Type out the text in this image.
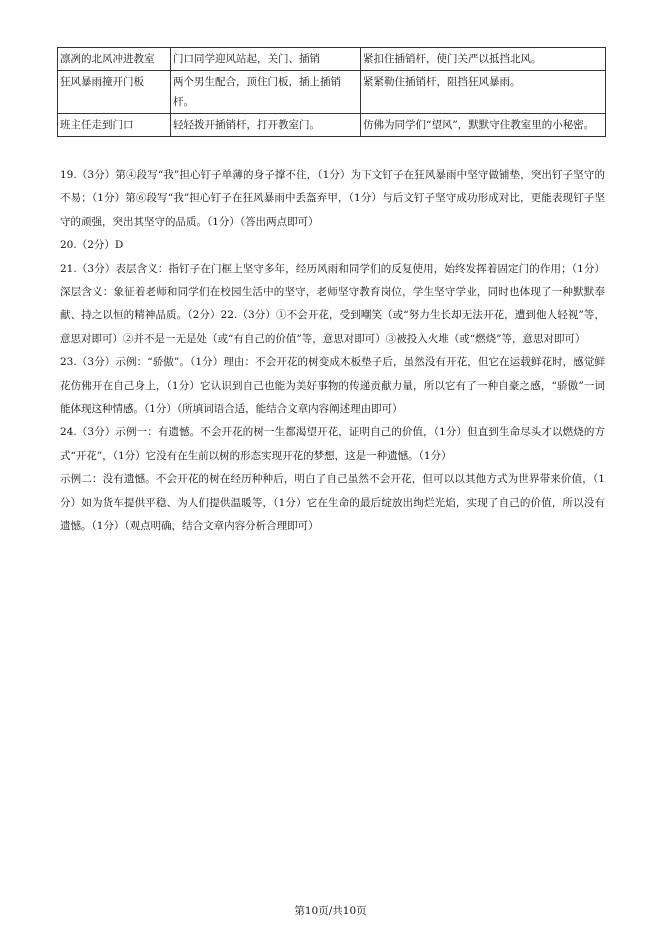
凛冽的北风冲进教室	门口同学迎风站起，关门、插销	紧扣住插销杆，使门关严以抵挡北风。
狂风暴雨撞开门板	两个男生配合，顶住门板，插上插销杆。	紧紧勒住插销杆，阻挡狂风暴雨。
班主任走到门口	轻轻拨开插销杆，打开教室门。	仿佛为同学们“望风”，默默守住教室里的小秘密。

19.（3分）第④段写“我”担心钉子单薄的身子撑不住，（1分）为下文钉子在狂风暴雨中坚守做铺垫，突出钉子坚守的不易；（1分）第⑥段写“我”担心钉子在狂风暴雨中丢盔弃甲，（1分）与后文钉子坚守成功形成对比，更能表现钉子坚守的顽强，突出其坚守的品质。（1分）（答出两点即可）

20.（2分）D

21.（3分）表层含义：指钉子在门框上坚守多年，经历风雨和同学们的反复使用，始终发挥着固定门的作用；（1分）深层含义：象征着老师和同学们在校园生活中的坚守，老师坚守教育岗位，学生坚守学业，同时也体现了一种默默奉献、持之以恒的精神品质。（2分）22.（3分）①不会开花，受到嘲笑（或“努力生长却无法开花，遭到他人轻视”等，意思对即可）②并不是一无是处（或“有自己的价值”等，意思对即可）③被投入火堆（或“燃烧”等，意思对即可）

23.（3分）示例：“骄傲”。（1分）理由：不会开花的树变成木板垫子后，虽然没有开花，但它在运载鲜花时，感觉鲜花仿佛开在自己身上，（1分）它认识到自己也能为美好事物的传递贡献力量，所以它有了一种自豪之感，“骄傲”一词能体现这种情感。（1分）（所填词语合适，能结合文章内容阐述理由即可）

24.（3分）示例一：有遗憾。不会开花的树一生都渴望开花，证明自己的价值，（1分）但直到生命尽头才以燃烧的方式“开花”，（1分）它没有在生前以树的形态实现开花的梦想，这是一种遗憾。（1分）

示例二：没有遗憾。不会开花的树在经历种种后，明白了自己虽然不会开花，但可以以其他方式为世界带来价值，（1分）如为货车提供平稳、为人们提供温暖等，（1分）它在生命的最后绽放出绚烂光焰，实现了自己的价值，所以没有遗憾。（1分）（观点明确，结合文章内容分析合理即可）

第10页/共10页
